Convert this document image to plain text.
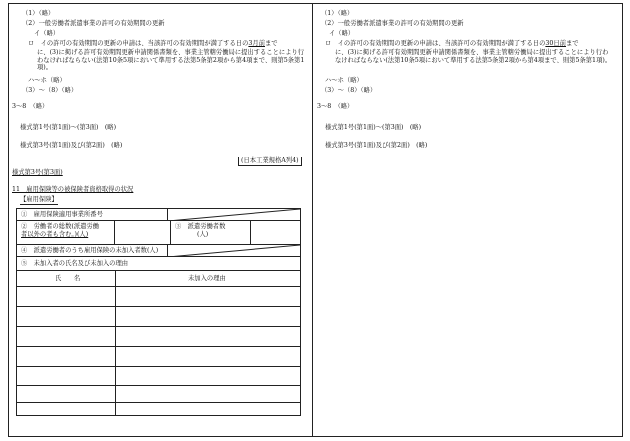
（1）（略）
（2）一般労働者派遣事業の許可の有効期間の更新
イ（略）
ロ　イの許可の有効期間の更新の申請は、当該許可の有効期間が満了する日の3月前まで
に、(3)に掲げる許可有効期間更新申請関係書類を、事業主管轄労働局に提出することにより行わなければならない(法第10条5項において準用する法第5条第2項から第4項まで、則第5条第1項)。
ハ〜ホ（略）
（3）〜（8）（略）
3〜8　（略）
様式第1号(第1面)〜(第3面)　(略)
様式第3号(第1面)及び(第2面)　(略)
(日本工業規格A列4)
様式第3号(第3面)
11　雇用保険等の被保険者資格取得の状況
【雇用保険】
①　雇用保険適用事業所番号
②　労働者の総数(派遣労働
者以外の者も含む。)(人)
③　派遣労働者数
(人)
④　派遣労働者のうち雇用保険の未加入者数(人)
⑤　未加入者の氏名及び未加入の理由
氏　　名	未加入の理由
（1）（略）
（2）一般労働者派遣事業の許可の有効期間の更新
イ（略）
ロ　イの許可の有効期間の更新の申請は、当該許可の有効期間が満了する日の30日前まで
に、(3)に掲げる許可有効期間更新申請関係書類を、事業主管轄労働局に提出することにより行わなければならない(法第10条5項において準用する法第5条第2項から第4項まで、則第5条第1項)。
ハ〜ホ（略）
（3）〜（8）（略）
3〜8　（略）
様式第1号(第1面)〜(第3面)　(略)
様式第3号(第1面)及び(第2面)　(略)
